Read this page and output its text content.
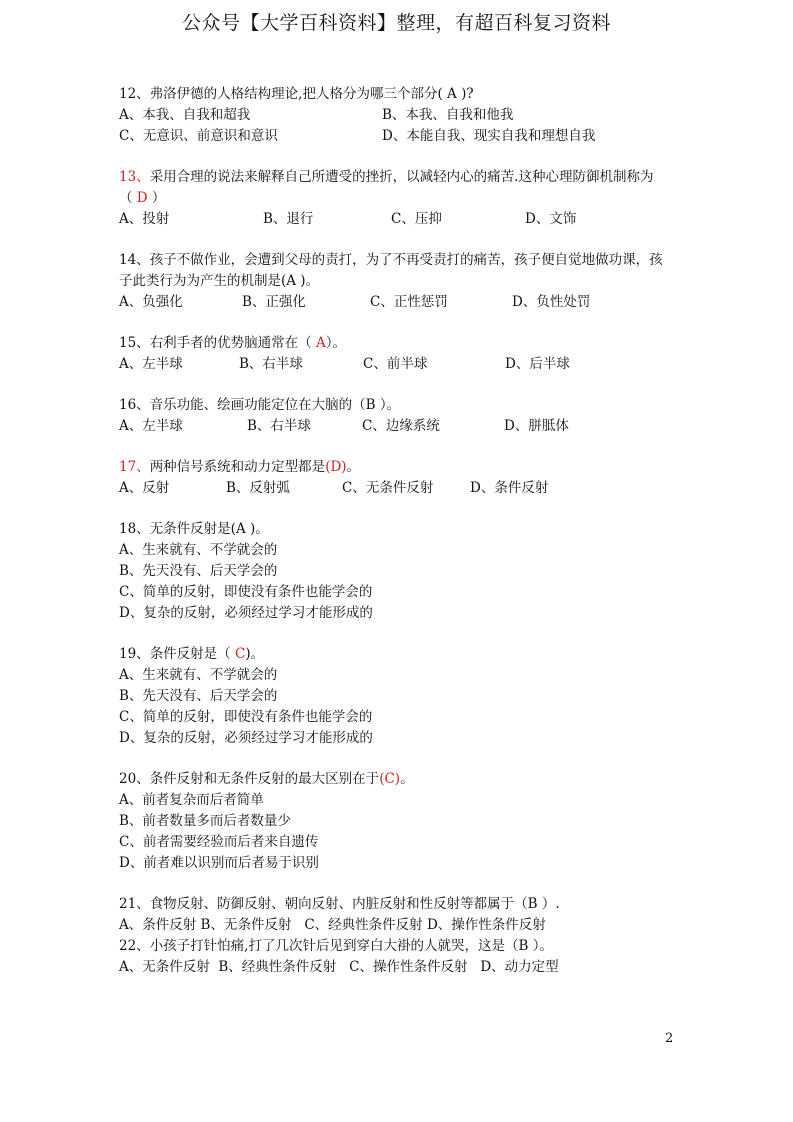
公众号【大学百科资料】整理，有超百科复习资料

12、弗洛伊德的人格结构理论,把人格分为哪三个部分( A )?

A、本我、自我和超我	B、本我、自我和他我
C、无意识、前意识和意识	D、本能自我、现实自我和理想自我

13、采用合理的说法来解释自己所遭受的挫折，以减轻内心的痛苦.这种心理防御机制称为

（ D ）

A、投射	B、退行	C、压抑	D、文饰

14、孩子不做作业，会遭到父母的责打，为了不再受责打的痛苦，孩子便自觉地做功课，孩

子此类行为为产生的机制是(A )。

A、负强化	B、正强化	C、正性惩罚	D、负性处罚

15、右利手者的优势脑通常在（ A）。

A、左半球	B、右半球	C、前半球	D、后半球

16、音乐功能、绘画功能定位在大脑的（B ）。

A、左半球	B、右半球	C、边缘系统	D、胼胝体

17、两种信号系统和动力定型都是(D)。

A、反射	B、反射弧	C、无条件反射	D、条件反射

18、无条件反射是(A )。

A、生来就有、不学就会的

B、先天没有、后天学会的

C、简单的反射，即使没有条件也能学会的

D、复杂的反射，必须经过学习才能形成的

19、条件反射是（ C)。

A、生来就有、不学就会的

B、先天没有、后天学会的

C、简单的反射，即使没有条件也能学会的

D、复杂的反射，必须经过学习才能形成的

20、条件反射和无条件反射的最大区别在于(C)。

A、前者复杂而后者简单

B、前者数量多而后者数量少

C、前者需要经验而后者来自遗传

D、前者难以识别而后者易于识别

21、食物反射、防御反射、朝向反射、内脏反射和性反射等都属于（B ）.

A、条件反射 B、无条件反射   C、经典性条件反射 D、操作性条件反射

22、小孩子打针怕痛,打了几次针后见到穿白大褂的人就哭，这是（B ）。

A、无条件反射  B、经典性条件反射   C、操作性条件反射   D、动力定型

2
